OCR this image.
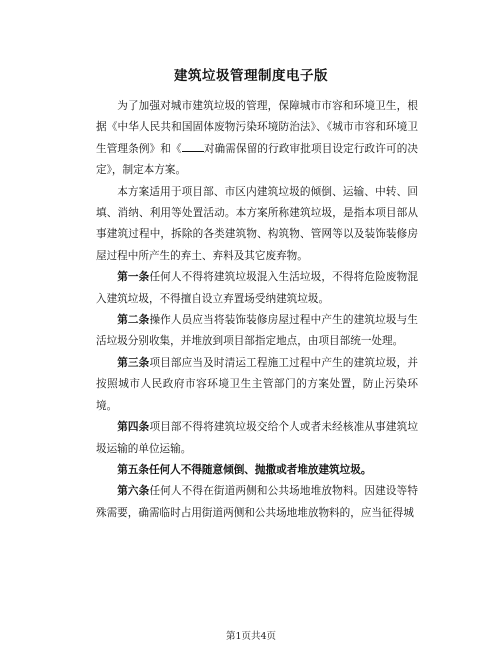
建筑垃圾管理制度电子版

为了加强对城市建筑垃圾的管理，保障城市市容和环境卫生，根据《中华人民共和国固体废物污染环境防治法》、《城市市容和环境卫生管理条例》和《 对确需保留的行政审批项目设定行政许可的决定》，制定本方案。

本方案适用于项目部、市区内建筑垃圾的倾倒、运输、中转、回填、消纳、利用等处置活动。本方案所称建筑垃圾，是指本项目部从事建筑过程中，拆除的各类建筑物、构筑物、管网等以及装饰装修房屋过程中所产生的弃土、弃料及其它废弃物。

第一条任何人不得将建筑垃圾混入生活垃圾，不得将危险废物混入建筑垃圾，不得擅自设立弃置场受纳建筑垃圾。

第二条操作人员应当将装饰装修房屋过程中产生的建筑垃圾与生活垃圾分别收集，并堆放到项目部指定地点，由项目部统一处理。

第三条项目部应当及时清运工程施工过程中产生的建筑垃圾，并按照城市人民政府市容环境卫生主管部门的方案处置，防止污染环境。

第四条项目部不得将建筑垃圾交给个人或者未经核准从事建筑垃圾运输的单位运输。

第五条任何人不得随意倾倒、抛撒或者堆放建筑垃圾。

第六条任何人不得在街道两侧和公共场地堆放物料。因建设等特殊需要，确需临时占用街道两侧和公共场地堆放物料的，应当征得城

第1页共4页
